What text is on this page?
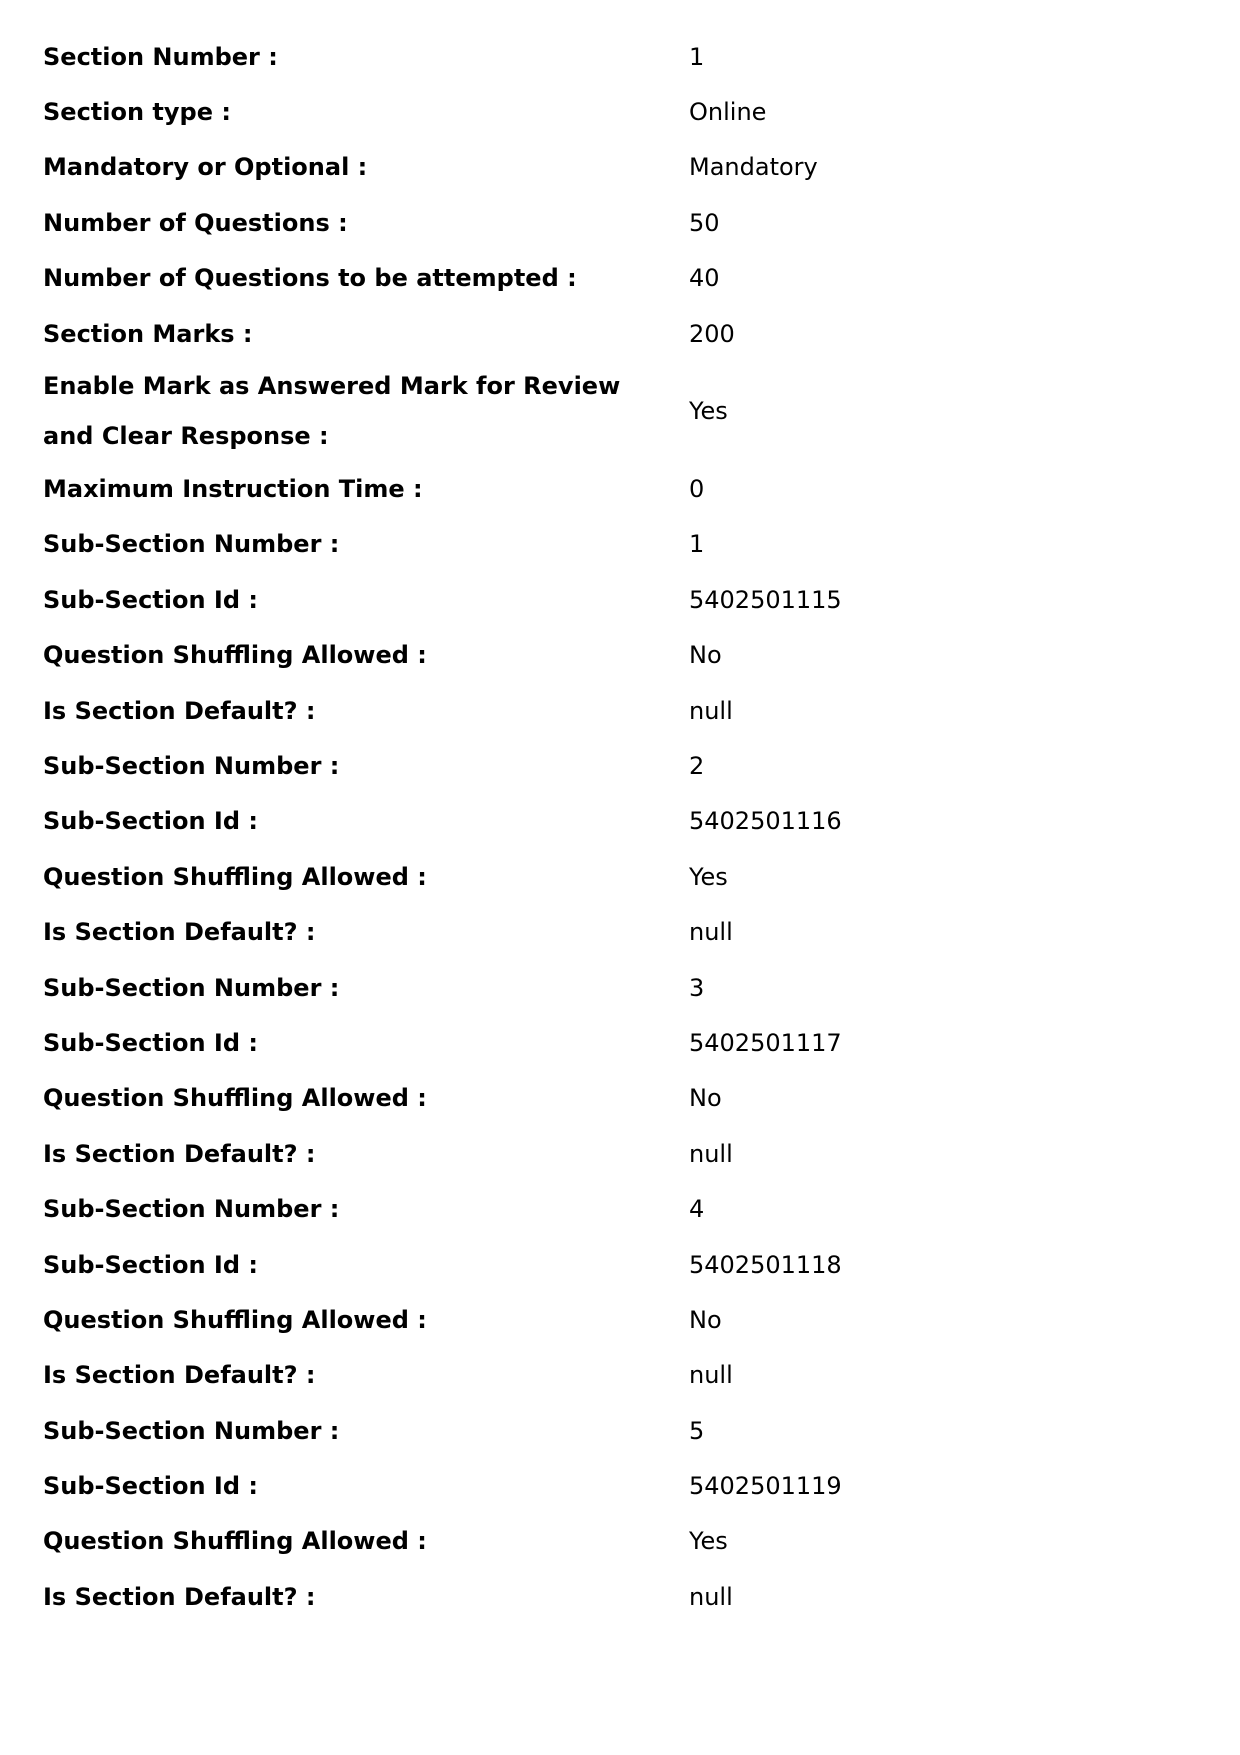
Section Number :	1
Section type :	Online
Mandatory or Optional :	Mandatory
Number of Questions :	50
Number of Questions to be attempted :	40
Section Marks :	200
Enable Mark as Answered Mark for Review and Clear Response :
Yes
Maximum Instruction Time :	0
Sub-Section Number :	1
Sub-Section Id :	5402501115
Question Shuffling Allowed :	No
Is Section Default? :	null
Sub-Section Number :	2
Sub-Section Id :	5402501116
Question Shuffling Allowed :	Yes
Is Section Default? :	null
Sub-Section Number :	3
Sub-Section Id :	5402501117
Question Shuffling Allowed :	No
Is Section Default? :	null
Sub-Section Number :	4
Sub-Section Id :	5402501118
Question Shuffling Allowed :	No
Is Section Default? :	null
Sub-Section Number :	5
Sub-Section Id :	5402501119
Question Shuffling Allowed :	Yes
Is Section Default? :	null
